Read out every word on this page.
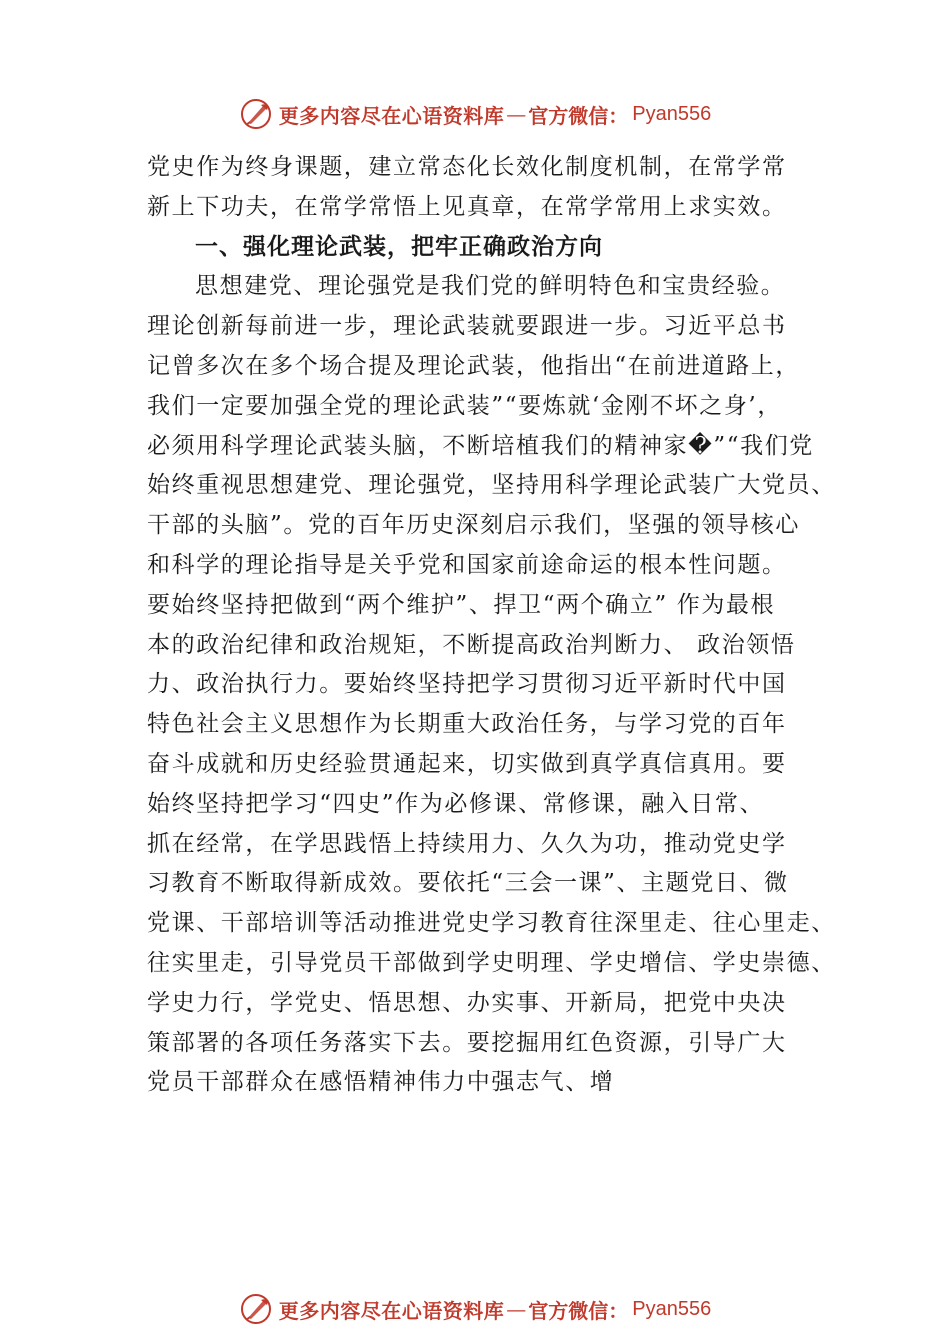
更多内容尽在心语资料库 — 官方微信： Pyan556
党史作为终身课题，建立常态化长效化制度机制，在常学常
新上下功夫，在常学常悟上见真章，在常学常用上求实效。
一、强化理论武装，把牢正确政治方向
思想建党、理论强党是我们党的鲜明特色和宝贵经验。
理论创新每前进一步，理论武装就要跟进一步。习近平总书
记曾多次在多个场合提及理论武装，他指出“在前进道路上，
我们一定要加强全党的理论武装”“要炼就‘金刚不坏之身’，
必须用科学理论武装头脑，不断培植我们的精神家�”“我们党
始终重视思想建党、理论强党，坚持用科学理论武装广大党员、
干部的头脑”。党的百年历史深刻启示我们，坚强的领导核心
和科学的理论指导是关乎党和国家前途命运的根本性问题。
要始终坚持把做到“两个维护”、捍卫“两个确立” 作为最根
本的政治纪律和政治规矩，不断提高政治判断力、 政治领悟
力、政治执行力。要始终坚持把学习贯彻习近平新时代中国
特色社会主义思想作为长期重大政治任务，与学习党的百年
奋斗成就和历史经验贯通起来，切实做到真学真信真用。要
始终坚持把学习“四史”作为必修课、常修课，融入日常、
抓在经常，在学思践悟上持续用力、久久为功，推动党史学
习教育不断取得新成效。要依托“三会一课”、主题党日、微
党课、干部培训等活动推进党史学习教育往深里走、往心里走、
往实里走，引导党员干部做到学史明理、学史增信、学史崇德、
学史力行，学党史、悟思想、办实事、开新局，把党中央决
策部署的各项任务落实下去。要挖掘用红色资源，引导广大
党员干部群众在感悟精神伟力中强志气、增
更多内容尽在心语资料库 — 官方微信： Pyan556
